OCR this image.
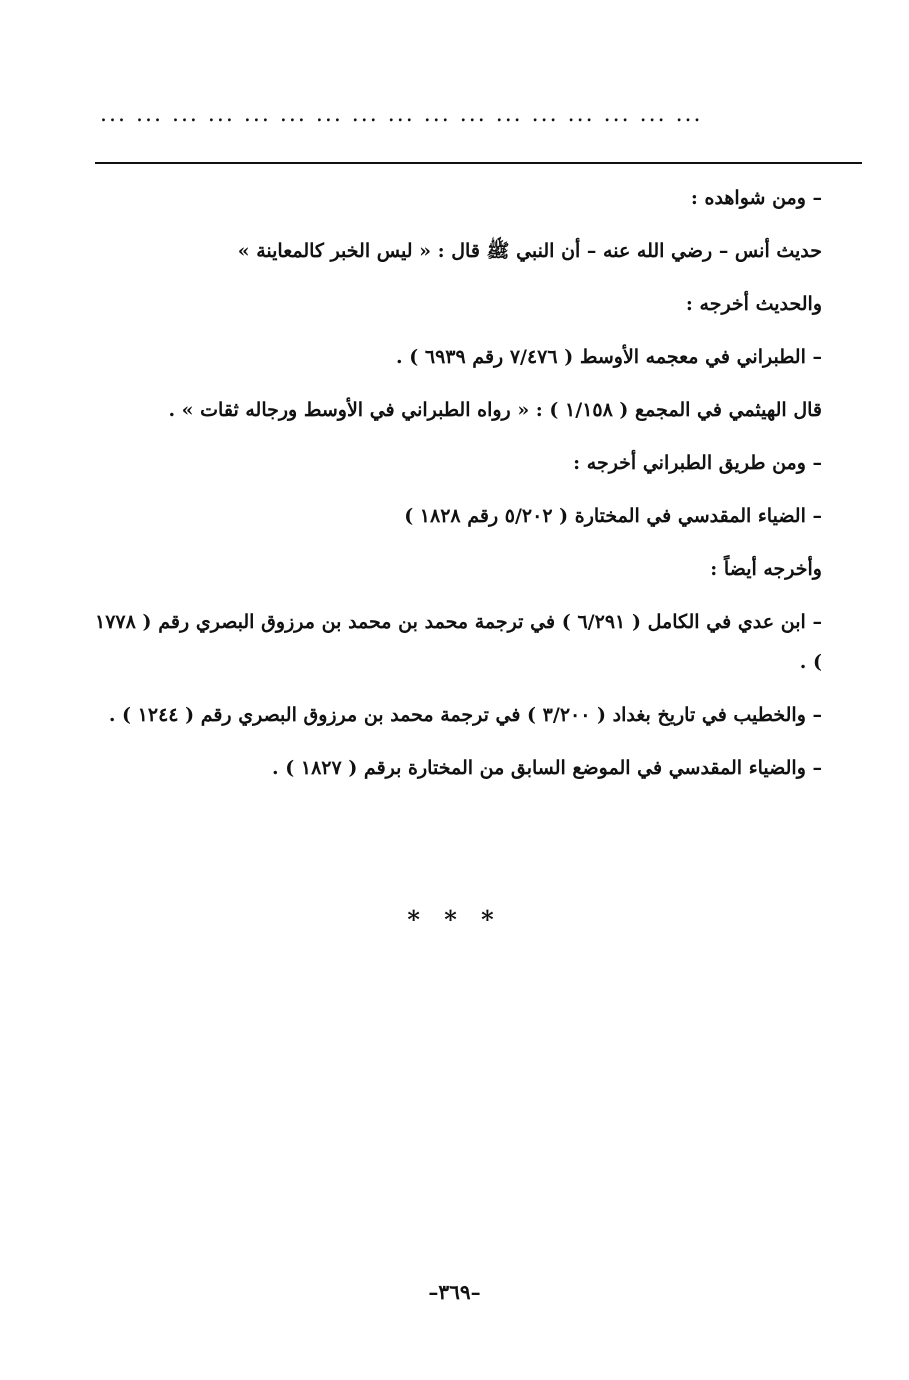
... ... ... ... ... ... ... ... ... ... ... ... ... ... ... ... ...

– ومن شواهده :

حديث أنس – رضي الله عنه – أن النبي ﷺ قال : « ليس الخبر كالمعاينة »

والحديث أخرجه :

– الطبراني في معجمه الأوسط ( ٧/٤٧٦ رقم ٦٩٣٩ ) .

قال الهيثمي في المجمع ( ١/١٥٨ ) : « رواه الطبراني في الأوسط ورجاله ثقات » .

– ومن طريق الطبراني أخرجه :

– الضياء المقدسي في المختارة ( ٥/٢٠٢ رقم ١٨٢٨ )

وأخرجه أيضاً :

– ابن عدي في الكامل ( ٦/٢٩١ ) في ترجمة محمد بن محمد بن مرزوق البصري رقم ( ١٧٧٨ ) .

– والخطيب في تاريخ بغداد ( ٣/٢٠٠ ) في ترجمة محمد بن مرزوق البصري رقم ( ١٢٤٤ ) .

– والضياء المقدسي في الموضع السابق من المختارة برقم ( ١٨٢٧ ) .

* * *
–٣٦٩–
